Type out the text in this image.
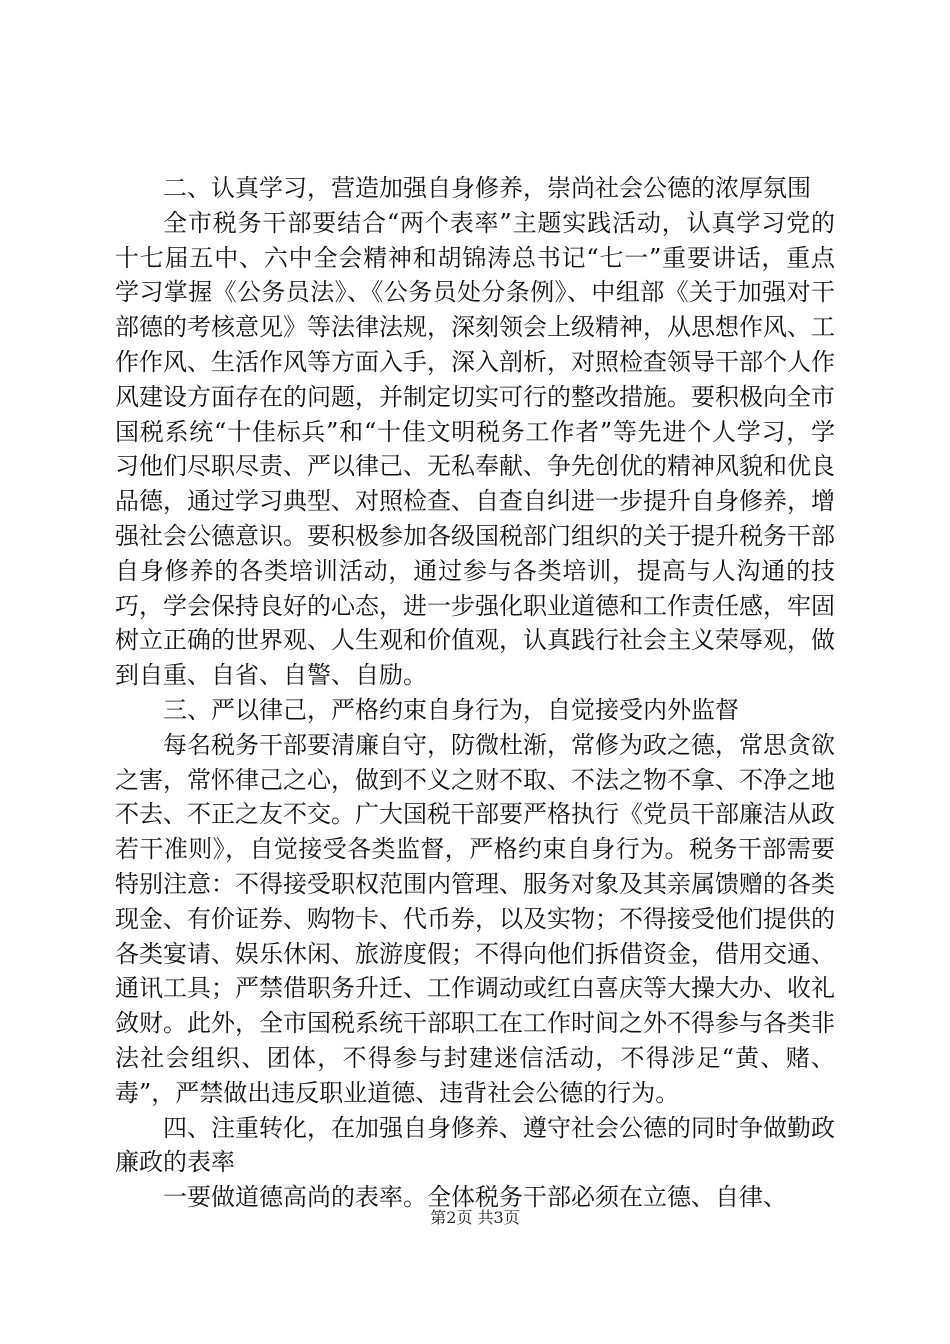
二、认真学习，营造加强自身修养，崇尚社会公德的浓厚氛围

全市税务干部要结合“两个表率”主题实践活动，认真学习党的十七届五中、六中全会精神和胡锦涛总书记“七一”重要讲话，重点学习掌握《公务员法》、《公务员处分条例》、中组部《关于加强对干部德的考核意见》等法律法规，深刻领会上级精神，从思想作风、工作作风、生活作风等方面入手，深入剖析，对照检查领导干部个人作风建设方面存在的问题，并制定切实可行的整改措施。要积极向全市国税系统“十佳标兵”和“十佳文明税务工作者”等先进个人学习，学习他们尽职尽责、严以律己、无私奉献、争先创优的精神风貌和优良品德，通过学习典型、对照检查、自查自纠进一步提升自身修养，增强社会公德意识。要积极参加各级国税部门组织的关于提升税务干部自身修养的各类培训活动，通过参与各类培训，提高与人沟通的技巧，学会保持良好的心态，进一步强化职业道德和工作责任感，牢固树立正确的世界观、人生观和价值观，认真践行社会主义荣辱观，做到自重、自省、自警、自励。

三、严以律己，严格约束自身行为，自觉接受内外监督

每名税务干部要清廉自守，防微杜渐，常修为政之德，常思贪欲之害，常怀律己之心，做到不义之财不取、不法之物不拿、不净之地不去、不正之友不交。广大国税干部要严格执行《党员干部廉洁从政若干准则》，自觉接受各类监督，严格约束自身行为。税务干部需要特别注意：不得接受职权范围内管理、服务对象及其亲属馈赠的各类现金、有价证券、购物卡、代币券，以及实物；不得接受他们提供的各类宴请、娱乐休闲、旅游度假；不得向他们拆借资金，借用交通、通讯工具；严禁借职务升迁、工作调动或红白喜庆等大操大办、收礼敛财。此外，全市国税系统干部职工在工作时间之外不得参与各类非法社会组织、团体，不得参与封建迷信活动，不得涉足“黄、赌、毒”，严禁做出违反职业道德、违背社会公德的行为。

四、注重转化，在加强自身修养、遵守社会公德的同时争做勤政廉政的表率

一要做道德高尚的表率。全体税务干部必须在立德、自律、

第2页 共3页
